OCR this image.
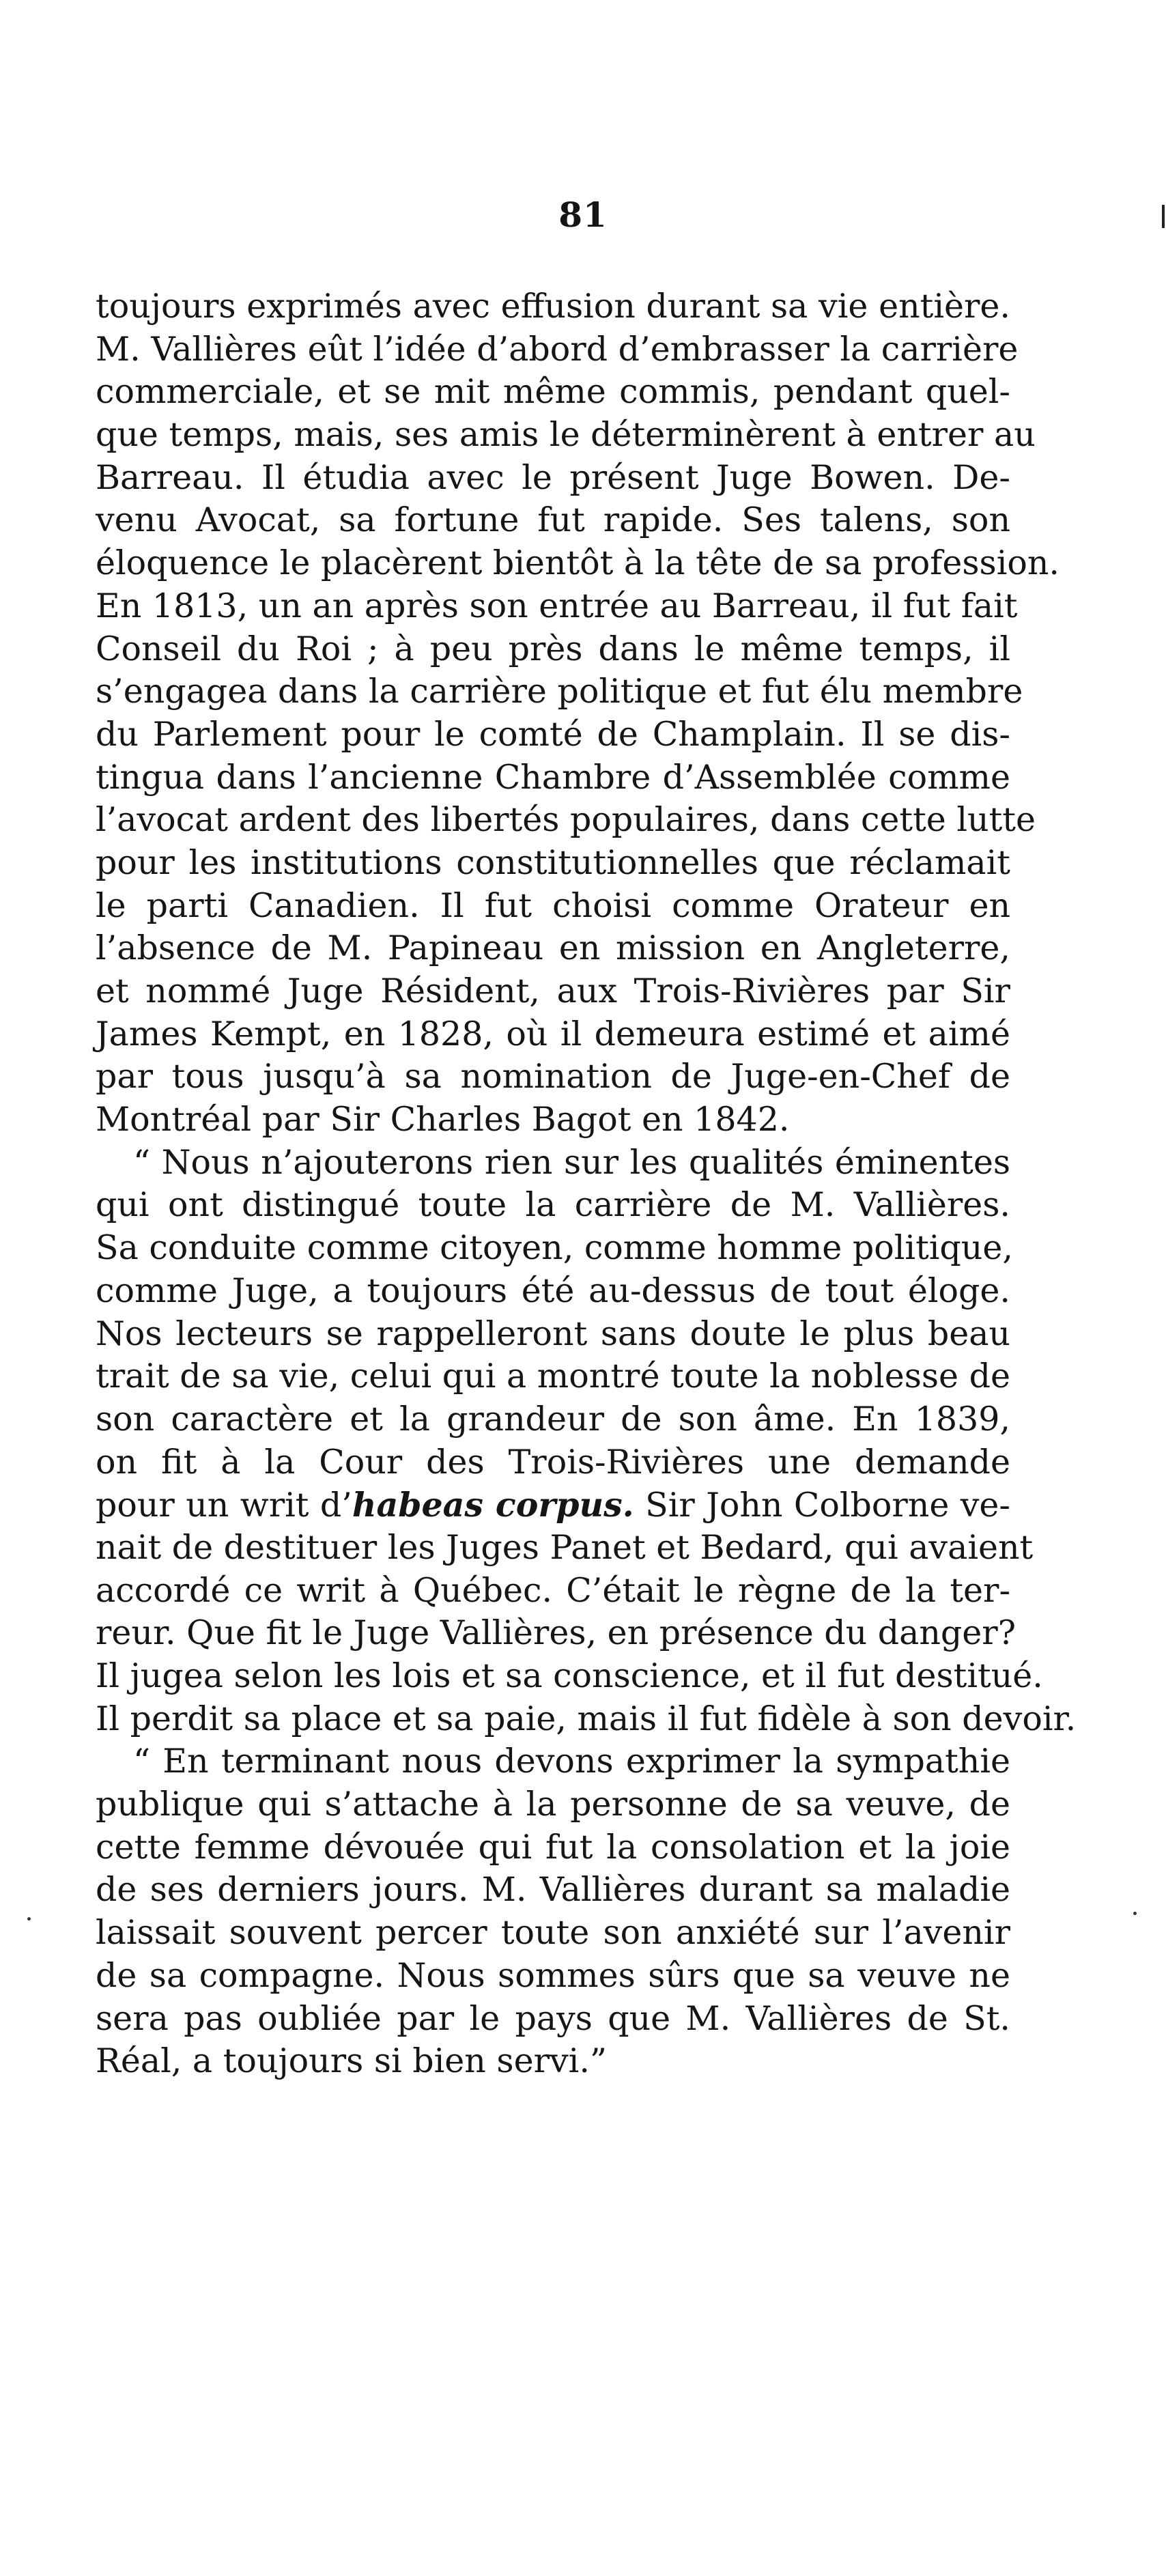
81
toujours exprimés avec effusion durant sa vie entière.
M. Vallières eût l’idée d’abord d’embrasser la carrière
commerciale, et se mit même commis, pendant quel-
que temps, mais, ses amis le déterminèrent à entrer au
Barreau. Il étudia avec le présent Juge Bowen. De-
venu Avocat, sa fortune fut rapide. Ses talens, son
éloquence le placèrent bientôt à la tête de sa profession.
En 1813, un an après son entrée au Barreau, il fut fait
Conseil du Roi ; à peu près dans le même temps, il
s’engagea dans la carrière politique et fut élu membre
du Parlement pour le comté de Champlain. Il se dis-
tingua dans l’ancienne Chambre d’Assemblée comme
l’avocat ardent des libertés populaires, dans cette lutte
pour les institutions constitutionnelles que réclamait
le parti Canadien. Il fut choisi comme Orateur en
l’absence de M. Papineau en mission en Angleterre,
et nommé Juge Résident, aux Trois-Rivières par Sir
James Kempt, en 1828, où il demeura estimé et aimé
par tous jusqu’à sa nomination de Juge-en-Chef de
Montréal par Sir Charles Bagot en 1842.
“ Nous n’ajouterons rien sur les qualités éminentes
qui ont distingué toute la carrière de M. Vallières.
Sa conduite comme citoyen, comme homme politique,
comme Juge, a toujours été au-dessus de tout éloge.
Nos lecteurs se rappelleront sans doute le plus beau
trait de sa vie, celui qui a montré toute la noblesse de
son caractère et la grandeur de son âme. En 1839,
on fit à la Cour des Trois-Rivières une demande
pour un writ d’habeas corpus. Sir John Colborne ve-
nait de destituer les Juges Panet et Bedard, qui avaient
accordé ce writ à Québec. C’était le règne de la ter-
reur. Que fit le Juge Vallières, en présence du danger?
Il jugea selon les lois et sa conscience, et il fut destitué.
Il perdit sa place et sa paie, mais il fut fidèle à son devoir.
“ En terminant nous devons exprimer la sympathie
publique qui s’attache à la personne de sa veuve, de
cette femme dévouée qui fut la consolation et la joie
de ses derniers jours. M. Vallières durant sa maladie
laissait souvent percer toute son anxiété sur l’avenir
de sa compagne. Nous sommes sûrs que sa veuve ne
sera pas oubliée par le pays que M. Vallières de St.
Réal, a toujours si bien servi.”
